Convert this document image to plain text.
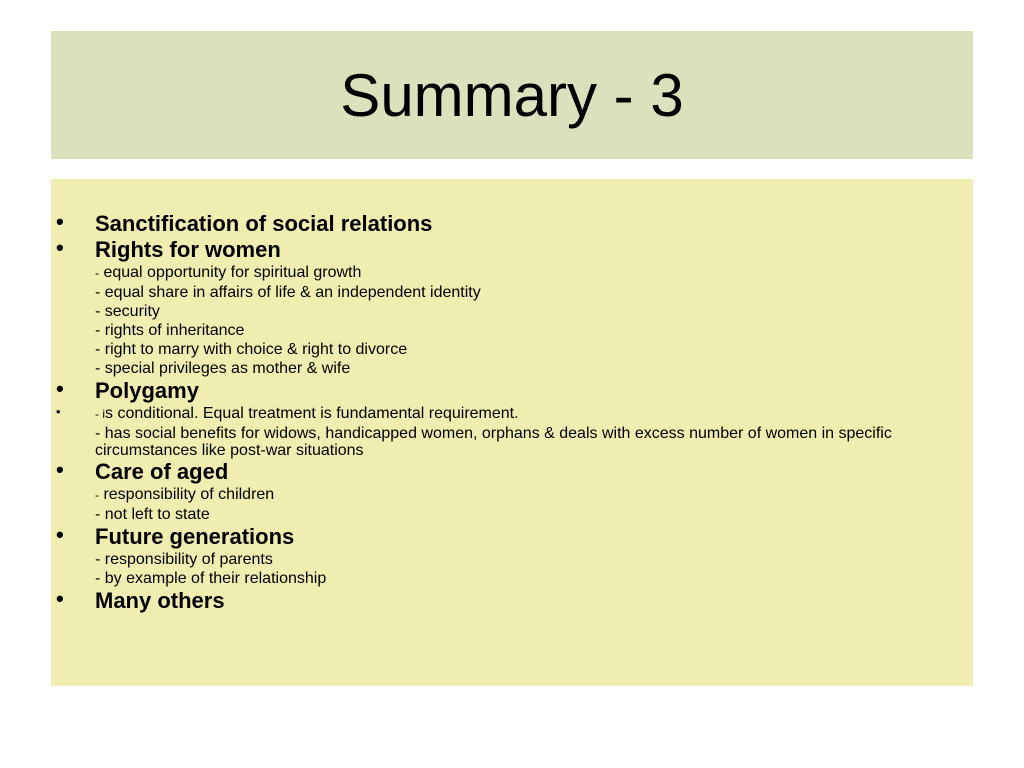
Summary - 3
• Sanctification of social relations
• Rights for women
- equal opportunity for spiritual growth
- equal share in affairs of life & an independent identity
- security
- rights of inheritance
- right to marry with choice & right to divorce
- special privileges as mother & wife
• Polygamy
•	- is conditional. Equal treatment is fundamental requirement.
- has social benefits for widows, handicapped women, orphans & deals with excess number of women in specific circumstances like post-war situations
• Care of aged
- responsibility of children
- not left to state
• Future generations
- responsibility of parents
- by example of their relationship
• Many others
